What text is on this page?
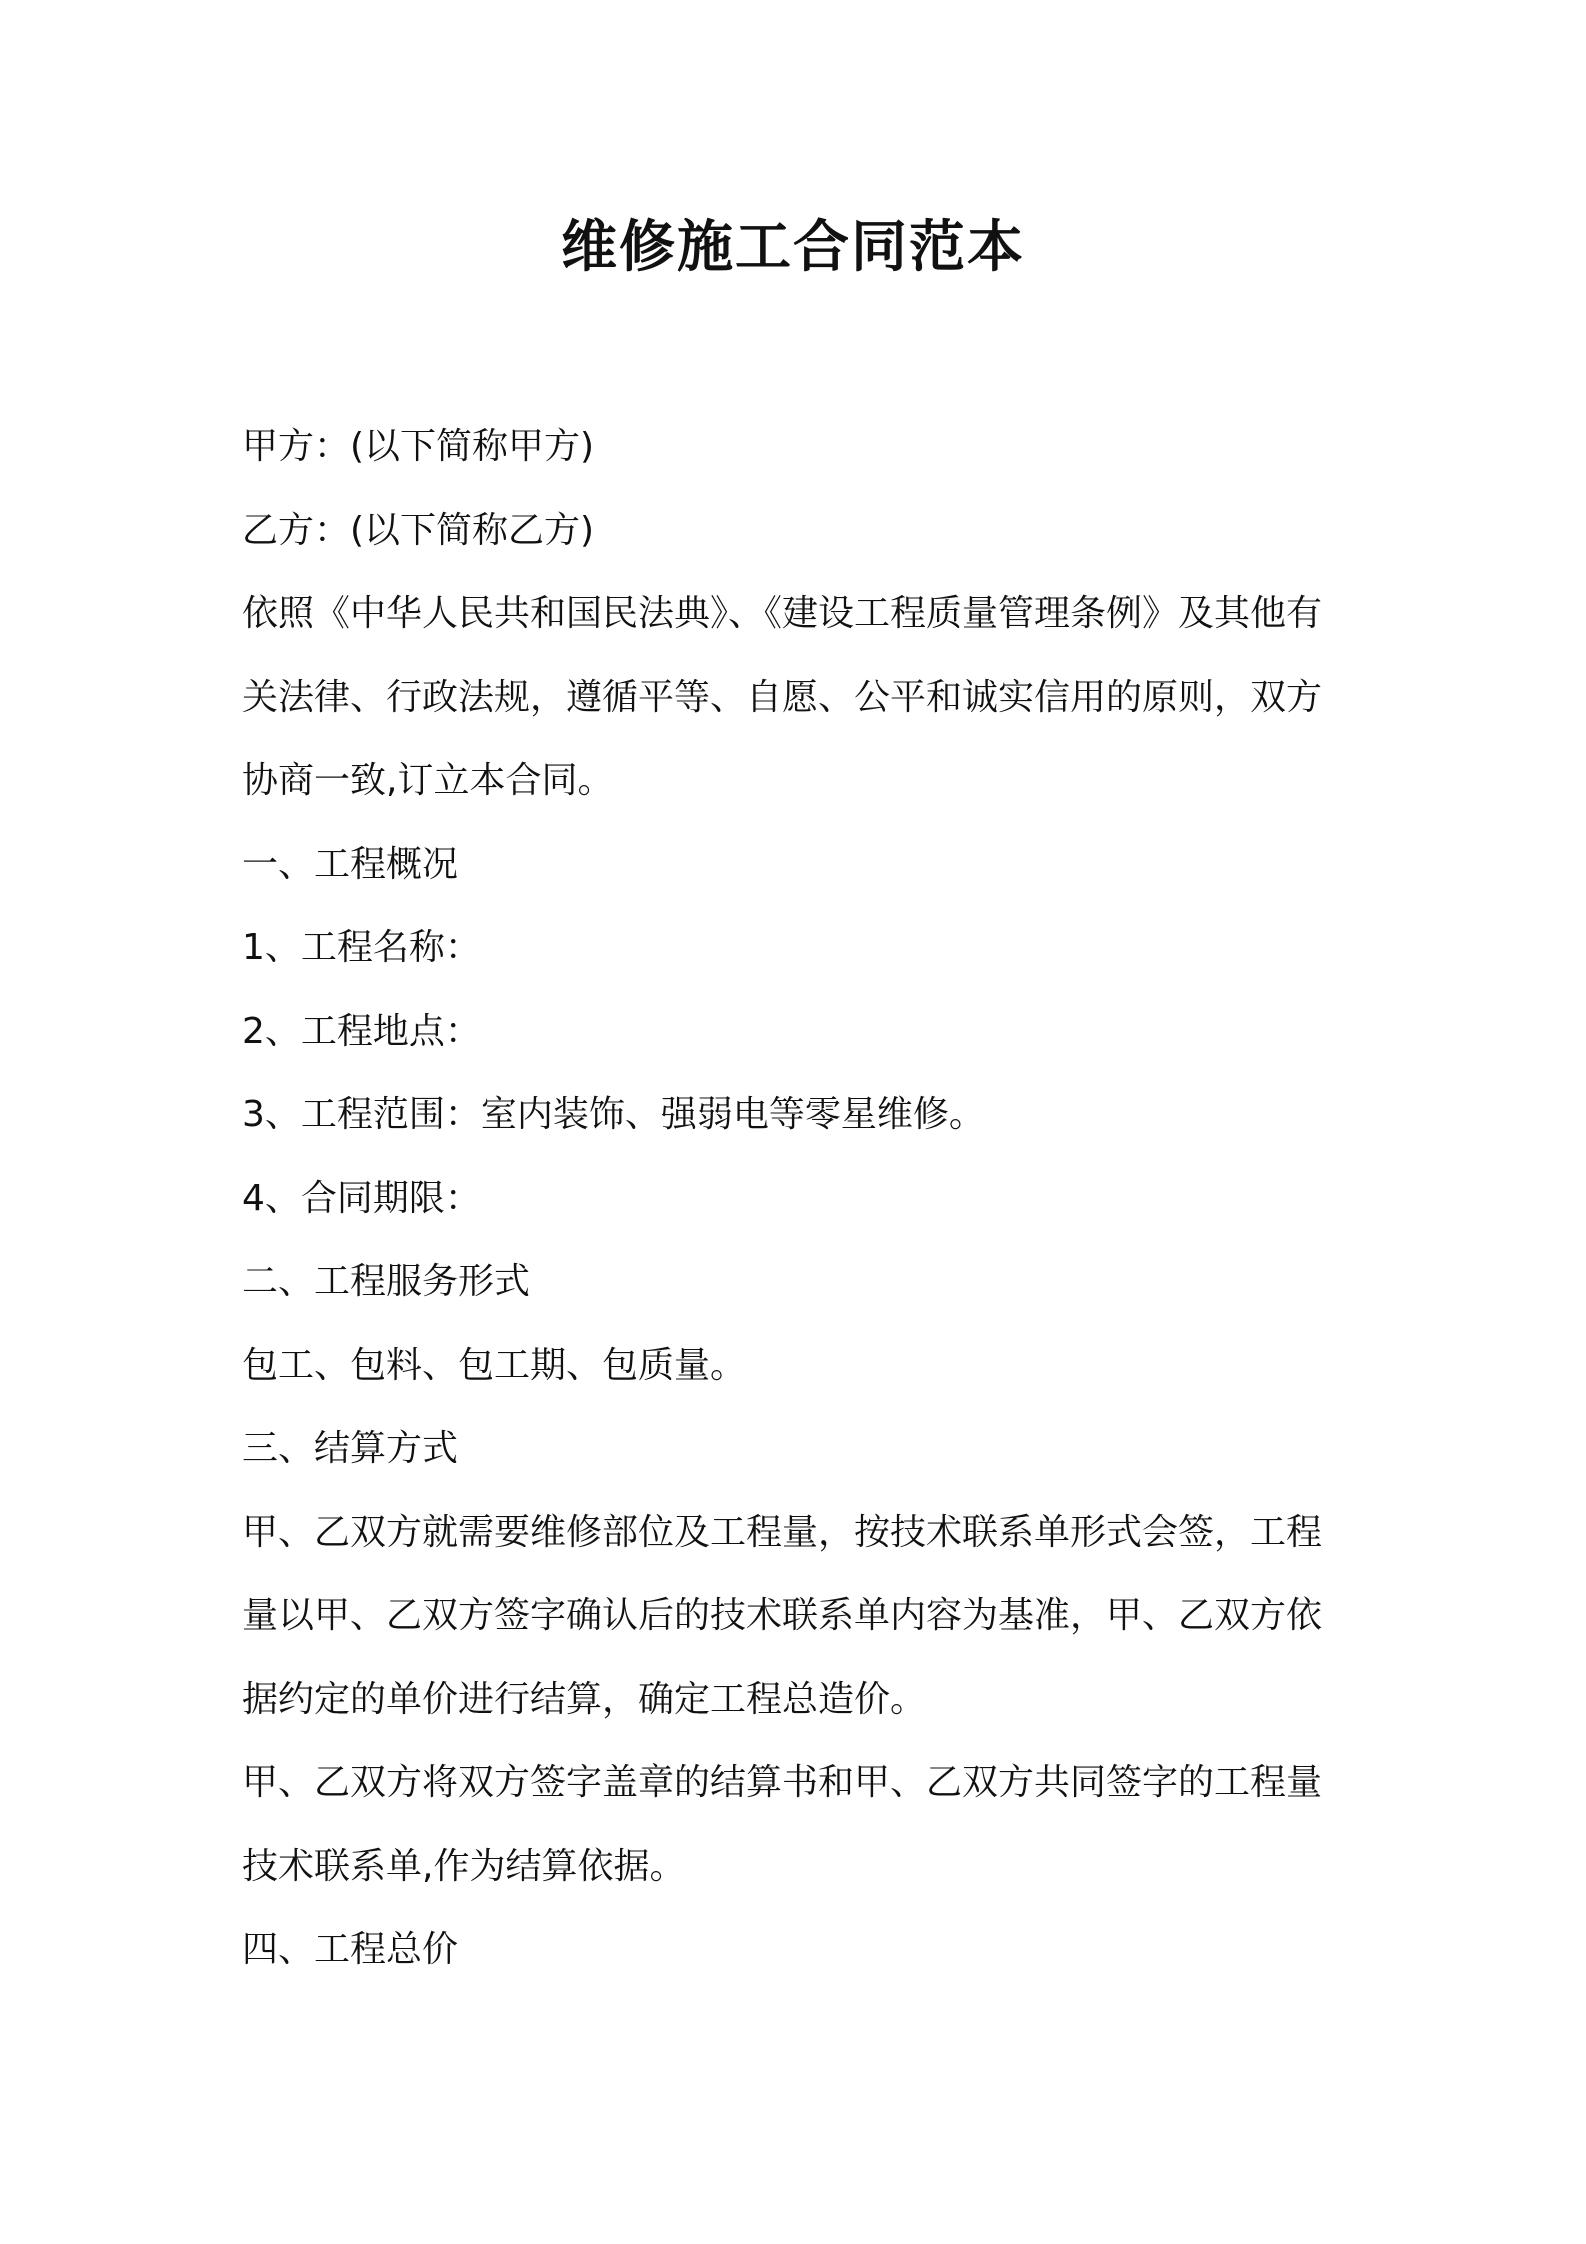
维修施工合同范本

甲方：(以下简称甲方)

乙方：(以下简称乙方)

依照《中华人民共和国民法典》、《建设工程质量管理条例》及其他有

关法律、行政法规，遵循平等、自愿、公平和诚实信用的原则，双方

协商一致,订立本合同。

一、工程概况

1、工程名称：

2、工程地点：

3、工程范围：室内装饰、强弱电等零星维修。

4、合同期限：

二、工程服务形式

包工、包料、包工期、包质量。

三、结算方式

甲、乙双方就需要维修部位及工程量，按技术联系单形式会签，工程

量以甲、乙双方签字确认后的技术联系单内容为基准，甲、乙双方依

据约定的单价进行结算，确定工程总造价。

甲、乙双方将双方签字盖章的结算书和甲、乙双方共同签字的工程量

技术联系单,作为结算依据。

四、工程总价
